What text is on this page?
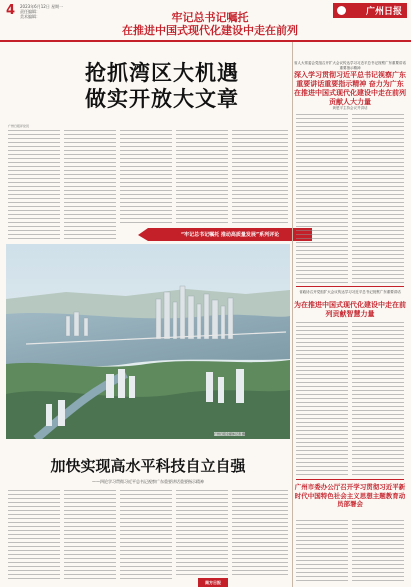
4 2023年6月12日 星期一
责任编辑：
美术编辑：	牢记总书记嘱托
在推进中国式现代化建设中走在前列
广州日报
抢抓湾区大机遇
做实开放大文章
广州日报评论员
“牢记总书记嘱托 推动高质量发展”系列评论
广州日报全媒体记者 摄
加快实现高水平科技自立自强
——四论学习贯彻习近平总书记视察广东重要讲话重要指示精神
南方日报
省人大常委会党组召开扩大会议传达学习习近平总书记视察广东重要讲话重要指示精神
深入学习贯彻习近平总书记视察广东重要讲话重要指示精神 奋力为广东在推进中国式现代化建设中走在前列贡献人大力量
黄楚平主持会议并讲话
省政协召开党组扩大会议传达学习习近平总书记视察广东重要讲话
为在推进中国式现代化建设中走在前列贡献智慧力量
广州市委办公厅召开学习贯彻习近平新时代中国特色社会主义思想主题教育动员部署会
